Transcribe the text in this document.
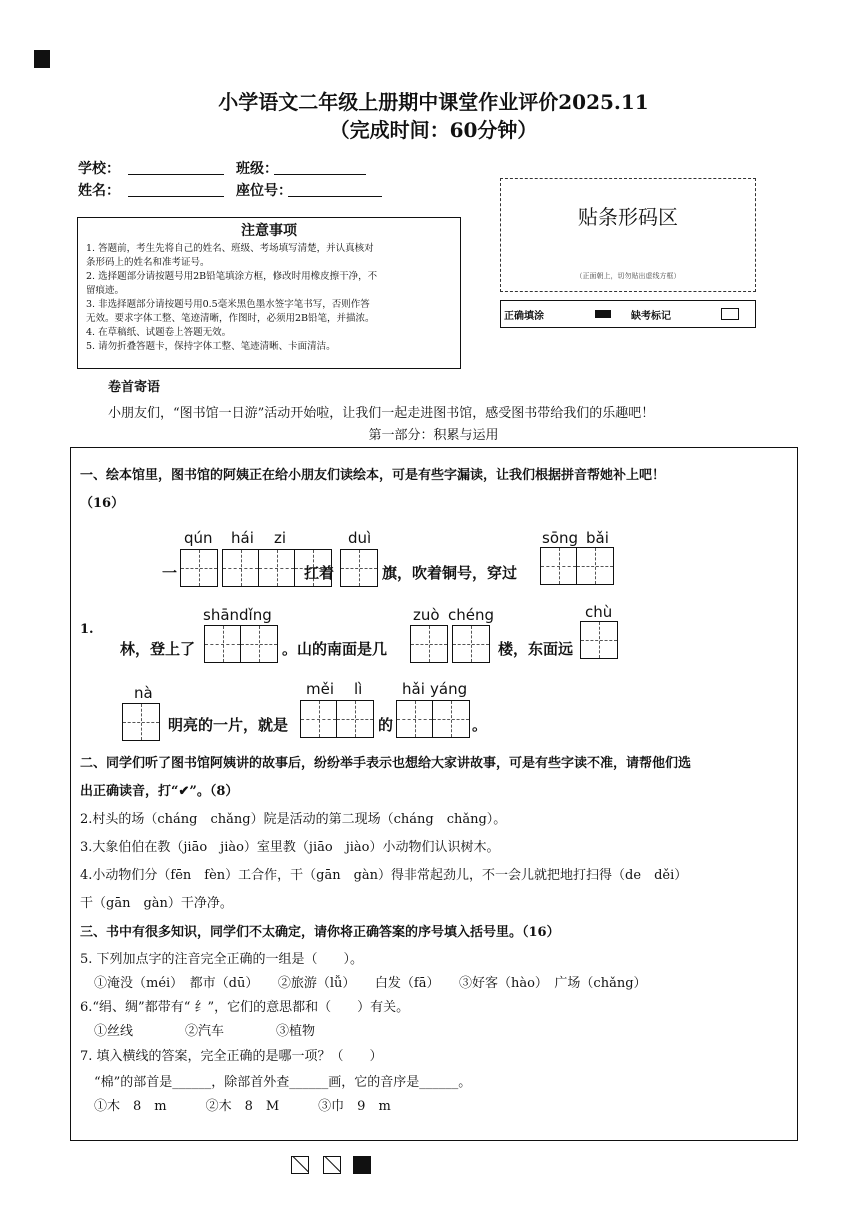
小学语文二年级上册期中课堂作业评价2025.11
（完成时间：60分钟）
学校：	班级：
姓名：	座位号：
注意事项
1. 答题前，考生先将自己的姓名、班级、考场填写清楚，并认真核对
条形码上的姓名和准考证号。
2. 选择题部分请按题号用2B铅笔填涂方框，修改时用橡皮擦干净，不
留痕迹。
3. 非选择题部分请按题号用0.5毫米黑色墨水签字笔书写，否则作答
无效。要求字体工整、笔迹清晰，作图时，必须用2B铅笔，并描浓。
4. 在草稿纸、试题卷上答题无效。
5. 请勿折叠答题卡，保持字体工整、笔迹清晰、卡面清洁。
贴条形码区
（正面朝上，切勿贴出虚线方框）
正确填涂	缺考标记
卷首寄语
小朋友们，“图书馆一日游”活动开始啦，让我们一起走进图书馆，感受图书带给我们的乐趣吧！
第一部分：积累与运用
一、绘本馆里，图书馆的阿姨正在给小朋友们读绘本，可是有些字漏读，让我们根据拼音帮她补上吧！
（16）
qún hái zi	duì	sōng bǎi
一	扛着	旗，吹着铜号，穿过
1.
shāndǐng	zuò chéng	chù
林，登上了	。山的南面是几	楼，东面远
nà	měi lì	hǎi yáng
明亮的一片，就是	的	。
二、同学们听了图书馆阿姨讲的故事后，纷纷举手表示也想给大家讲故事，可是有些字读不准，请帮他们选
出正确读音，打“✔”。（8）
2.村头的场（cháng　chǎng）院是活动的第二现场（cháng　chǎng）。
3.大象伯伯在教（jiāo　jiào）室里教（jiāo　jiào）小动物们认识树木。
4.小动物们分（fēn　fèn）工合作，干（gān　gàn）得非常起劲儿，不一会儿就把地打扫得（de　děi）
干（gān　gàn）干净净。
三、书中有很多知识，同学们不太确定，请你将正确答案的序号填入括号里。（16）
5. 下列加点字的注音完全正确的一组是（　　）。
①淹没（méi）　都市（dū）　　②旅游（lǚ）　　白发（fā）　　③好客（hào）　广场（chǎng）
6.“绢、绸”都带有“ 纟”，它们的意思都和（　　）有关。
①丝线　　　　②汽车　　　　③植物
7. 填入横线的答案，完全正确的是哪一项？（　　）
“棉”的部首是______，除部首外查______画，它的音序是______。
①木　8　m　　　②木　8　M　　　③巾　9　m
